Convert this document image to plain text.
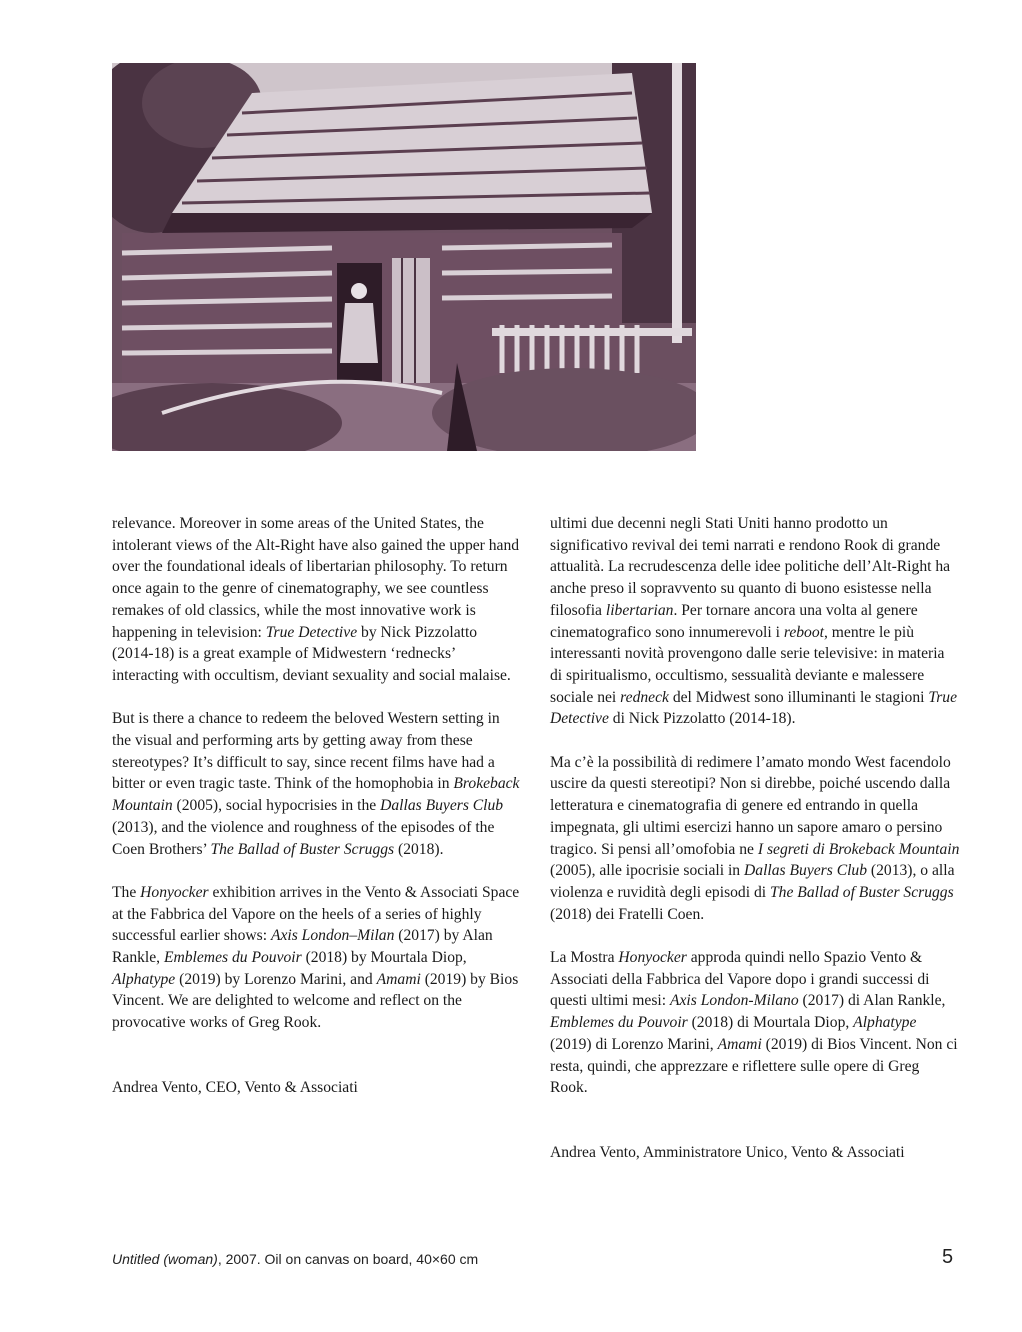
relevance. Moreover in some areas of the United States, the intolerant views of the Alt-Right have also gained the upper hand over the foundational ideals of libertarian philosophy. To return once again to the genre of cinematography, we see countless remakes of old classics, while the most innovative work is happening in television: True Detective by Nick Pizzolatto (2014-18) is a great example of Midwestern ‘rednecks’ interacting with occultism, deviant sexuality and social malaise.

But is there a chance to redeem the beloved Western setting in the visual and performing arts by getting away from these stereotypes? It’s difficult to say, since recent films have had a bitter or even tragic taste. Think of the homophobia in Brokeback Mountain (2005), social hypocrisies in the Dallas Buyers Club (2013), and the violence and roughness of the episodes of the Coen Brothers’ The Ballad of Buster Scruggs (2018).

The Honyocker exhibition arrives in the Vento & Associati Space at the Fabbrica del Vapore on the heels of a series of highly successful earlier shows: Axis London–Milan (2017) by Alan Rankle, Emblemes du Pouvoir (2018) by Mourtala Diop, Alphatype (2019) by Lorenzo Marini, and Amami (2019) by Bios Vincent. We are delighted to welcome and reflect on the provocative works of Greg Rook.

Andrea Vento, CEO, Vento & Associati

ultimi due decenni negli Stati Uniti hanno prodotto un significativo revival dei temi narrati e rendono Rook di grande attualità. La recrudescenza delle idee politiche dell’Alt-Right ha anche preso il sopravvento su quanto di buono esistesse nella filosofia libertarian. Per tornare ancora una volta al genere cinematografico sono innumerevoli i reboot, mentre le più interessanti novità provengono dalle serie televisive: in materia di spiritualismo, occultismo, sessualità deviante e malessere sociale nei redneck del Midwest sono illuminanti le stagioni True Detective di Nick Pizzolatto (2014-18).

Ma c’è la possibilità di redimere l’amato mondo West facendolo uscire da questi stereotipi? Non si direbbe, poiché uscendo dalla letteratura e cinematografia di genere ed entrando in quella impegnata, gli ultimi esercizi hanno un sapore amaro o persino tragico. Si pensi all’omofobia ne I segreti di Brokeback Mountain (2005), alle ipocrisie sociali in Dallas Buyers Club (2013), o alla violenza e ruvidità degli episodi di The Ballad of Buster Scruggs (2018) dei Fratelli Coen.

La Mostra Honyocker approda quindi nello Spazio Vento & Associati della Fabbrica del Vapore dopo i grandi successi di questi ultimi mesi: Axis London-Milano (2017) di Alan Rankle, Emblemes du Pouvoir (2018) di Mourtala Diop, Alphatype (2019) di Lorenzo Marini, Amami (2019) di Bios Vincent. Non ci resta, quindi, che apprezzare e riflettere sulle opere di Greg Rook.

Andrea Vento, Amministratore Unico, Vento & Associati

Untitled (woman), 2007. Oil on canvas on board, 40×60 cm	5
